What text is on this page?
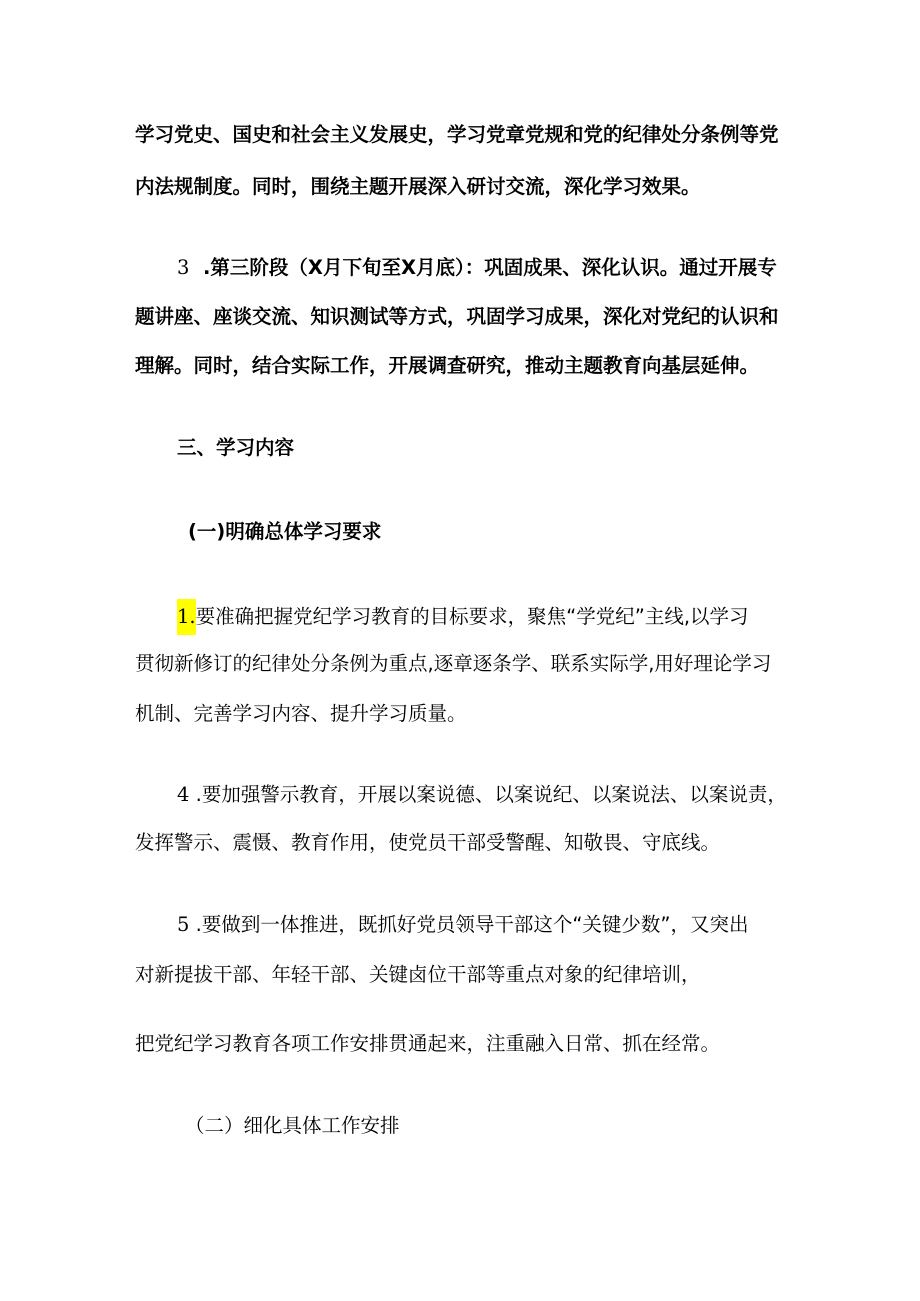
学习党史、国史和社会主义发展史，学习党章党规和党的纪律处分条例等党

内法规制度。同时，围绕主题开展深入研讨交流，深化学习效果。

3 .第三阶段（X月下旬至X月底）：巩固成果、深化认识。通过开展专

题讲座、座谈交流、知识测试等方式，巩固学习成果，深化对党纪的认识和

理解。同时，结合实际工作，开展调查研究，推动主题教育向基层延伸。

三、学习内容

(一)明确总体学习要求

1.要准确把握党纪学习教育的目标要求，聚焦“学党纪”主线,以学习

贯彻新修订的纪律处分条例为重点,逐章逐条学、联系实际学,用好理论学习

机制、完善学习内容、提升学习质量。

4 .要加强警示教育，开展以案说德、以案说纪、以案说法、以案说责，

发挥警示、震慑、教育作用，使党员干部受警醒、知敬畏、守底线。

5 .要做到一体推进，既抓好党员领导干部这个“关键少数”，又突出

对新提拔干部、年轻干部、关键卤位干部等重点对象的纪律培训，

把党纪学习教育各项工作安排贯通起来，注重融入日常、抓在经常。

（二）细化具体工作安排
